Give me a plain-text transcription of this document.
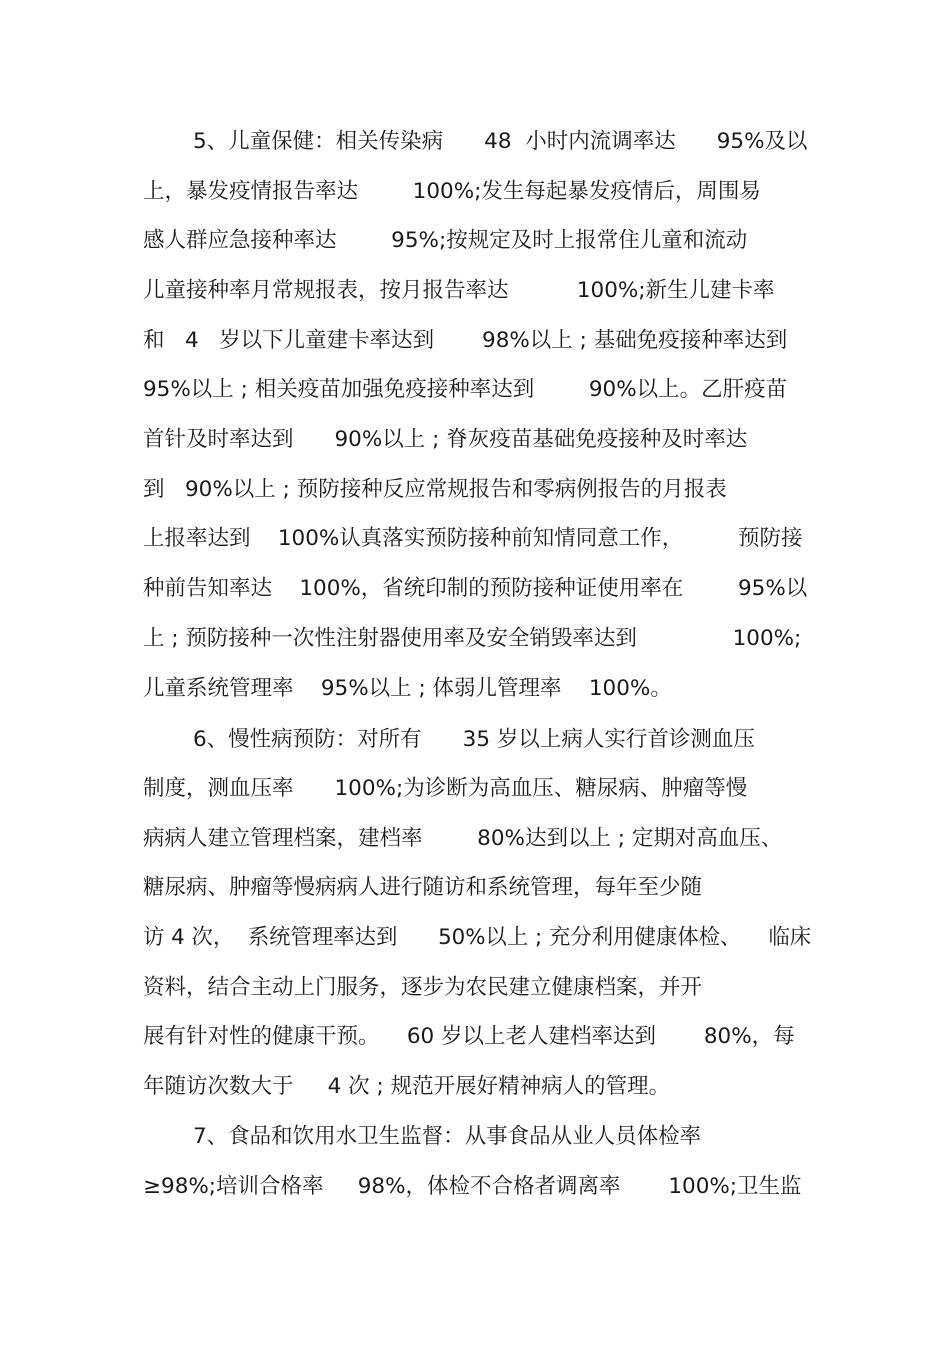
5、儿童保健：相关传染病      48  小时内流调率达      95%及以
上，暴发疫情报告率达        100%;发生每起暴发疫情后，周围易
感人群应急接种率达        95%;按规定及时上报常住儿童和流动
儿童接种率月常规报表，按月报告率达          100%;新生儿建卡率
和   4   岁以下儿童建卡率达到       98%以上 ; 基础免疫接种率达到
95%以上 ; 相关疫苗加强免疫接种率达到        90%以上。乙肝疫苗
首针及时率达到      90%以上 ; 脊灰疫苗基础免疫接种及时率达
到   90%以上 ; 预防接种反应常规报告和零病例报告的月报表
上报率达到    100%认真落实预防接种前知情同意工作，        预防接
种前告知率达    100%，省统印制的预防接种证使用率在        95%以
上 ; 预防接种一次性注射器使用率及安全销毁率达到              100%;
儿童系统管理率    95%以上 ; 体弱儿管理率    100%。
6、慢性病预防：对所有      35 岁以上病人实行首诊测血压
制度，测血压率      100%;为诊断为高血压、糖尿病、肿瘤等慢
病病人建立管理档案，建档率        80%达到以上 ; 定期对高血压、
糖尿病、肿瘤等慢病病人进行随访和系统管理，每年至少随
访 4 次，  系统管理率达到      50%以上 ; 充分利用健康体检、    临床
资料，结合主动上门服务，逐步为农民建立健康档案，并开
展有针对性的健康干预。    60 岁以上老人建档率达到       80%，每
年随访次数大于     4 次 ; 规范开展好精神病人的管理。
7、食品和饮用水卫生监督：从事食品从业人员体检率
≥98%;培训合格率     98%，体检不合格者调离率       100%;卫生监
